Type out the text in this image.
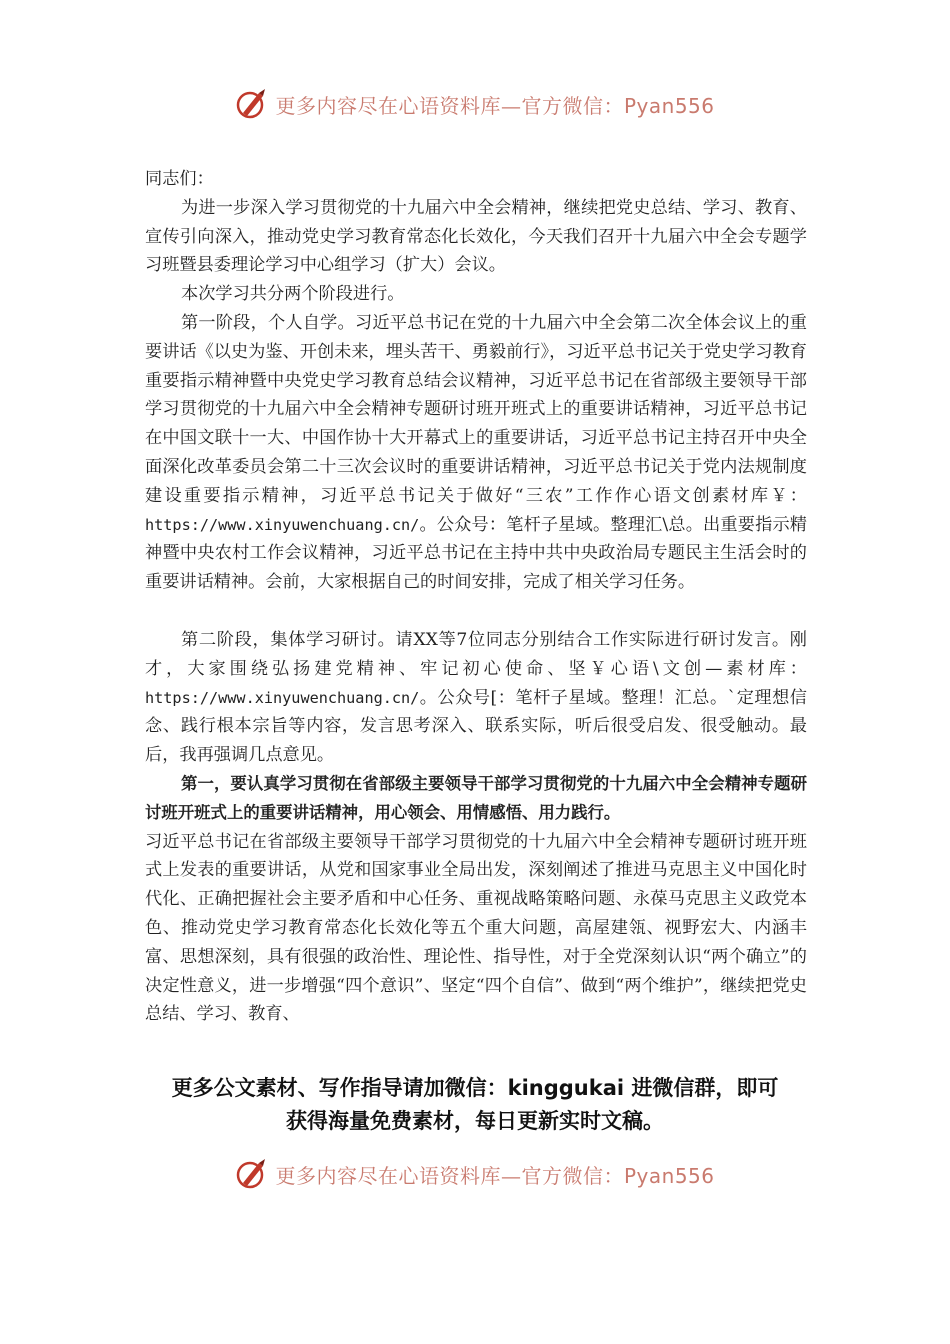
更多内容尽在心语资料库—官方微信：Pyan556

同志们：

为进一步深入学习贯彻党的十九届六中全会精神，继续把党史总结、学习、教育、宣传引向深入，推动党史学习教育常态化长效化，今天我们召开十九届六中全会专题学习班暨县委理论学习中心组学习（扩大）会议。

本次学习共分两个阶段进行。

第一阶段，个人自学。习近平总书记在党的十九届六中全会第二次全体会议上的重要讲话《以史为鉴、开创未来，埋头苦干、勇毅前行》，习近平总书记关于党史学习教育重要指示精神暨中央党史学习教育总结会议精神，习近平总书记在省部级主要领导干部学习贯彻党的十九届六中全会精神专题研讨班开班式上的重要讲话精神，习近平总书记在中国文联十一大、中国作协十大开幕式上的重要讲话，习近平总书记主持召开中央全面深化改革委员会第二十三次会议时的重要讲话精神，习近平总书记关于党内法规制度建设重要指示精神，习近平总书记关于做好“三农”工作作心语文创素材库￥：https://www.xinyuwenchuang.cn/。公众号：笔杆子星域。整理汇\总。出重要指示精神暨中央农村工作会议精神，习近平总书记在主持中共中央政治局专题民主生活会时的重要讲话精神。会前，大家根据自己的时间安排，完成了相关学习任务。

第二阶段，集体学习研讨。请XX等7位同志分别结合工作实际进行研讨发言。刚才，大家围绕弘扬建党精神、牢记初心使命、坚￥心语\文创—素材库：https://www.xinyuwenchuang.cn/。公众号[：笔杆子星域。整理！汇总。`定理想信念、践行根本宗旨等内容，发言思考深入、联系实际，听后很受启发、很受触动。最后，我再强调几点意见。

第一，要认真学习贯彻在省部级主要领导干部学习贯彻党的十九届六中全会精神专题研讨班开班式上的重要讲话精神，用心领会、用情感悟、用力践行。

习近平总书记在省部级主要领导干部学习贯彻党的十九届六中全会精神专题研讨班开班式上发表的重要讲话，从党和国家事业全局出发，深刻阐述了推进马克思主义中国化时代化、正确把握社会主要矛盾和中心任务、重视战略策略问题、永葆马克思主义政党本色、推动党史学习教育常态化长效化等五个重大问题，高屋建瓴、视野宏大、内涵丰富、思想深刻，具有很强的政治性、理论性、指导性，对于全党深刻认识“两个确立”的决定性意义，进一步增强“四个意识”、坚定“四个自信”、做到“两个维护”，继续把党史总结、学习、教育、

更多公文素材、写作指导请加微信：kinggukai 进微信群，即可
获得海量免费素材，每日更新实时文稿。
更多内容尽在心语资料库—官方微信：Pyan556
